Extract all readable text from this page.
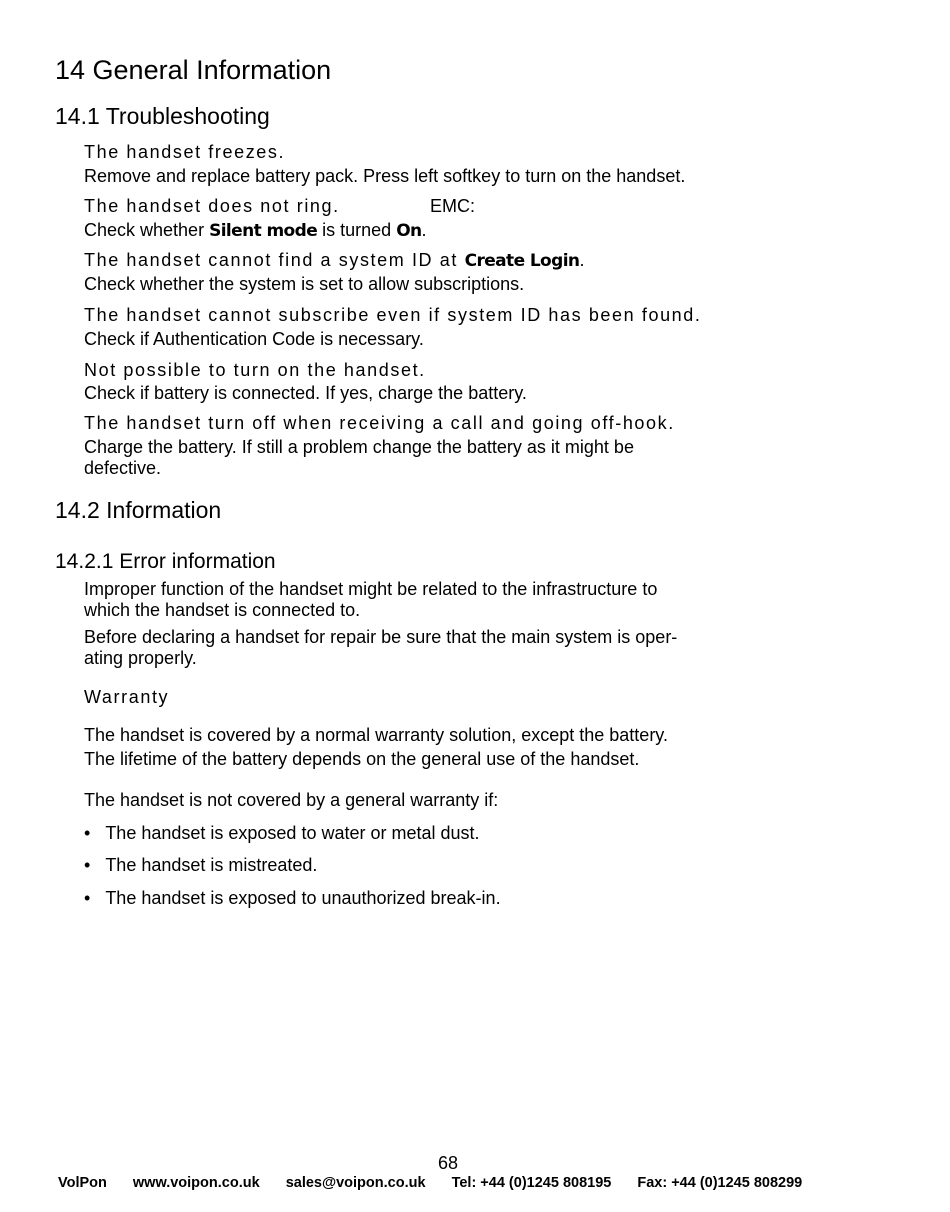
14 General Information
14.1 Troubleshooting
The handset freezes.
Remove and replace battery pack. Press left softkey to turn on the handset.
EMC:
The handset does not ring.
Check whether Silent mode is turned On.
The handset cannot find a system ID at Create Login.
Check whether the system is set to allow subscriptions.
The handset cannot subscribe even if system ID has been found.
Check if Authentication Code is necessary.
Not possible to turn on the handset.
Check if battery is connected. If yes, charge the battery.
The handset turn off when receiving a call and going off-hook.
Charge the battery. If still a problem change the battery as it might be
defective.
14.2 Information
14.2.1 Error information
Improper function of the handset might be related to the infrastructure to
which the handset is connected to.
Before declaring a handset for repair be sure that the main system is oper-
ating properly.
Warranty
The handset is covered by a normal warranty solution, except the battery.
The lifetime of the battery depends on the general use of the handset.
The handset is not covered by a general warranty if:
•   The handset is exposed to water or metal dust.
•   The handset is mistreated.
•   The handset is exposed to unauthorized break-in.
68
VolPon www.voipon.co.uk sales@voipon.co.uk Tel: +44 (0)1245 808195 Fax: +44 (0)1245 808299
